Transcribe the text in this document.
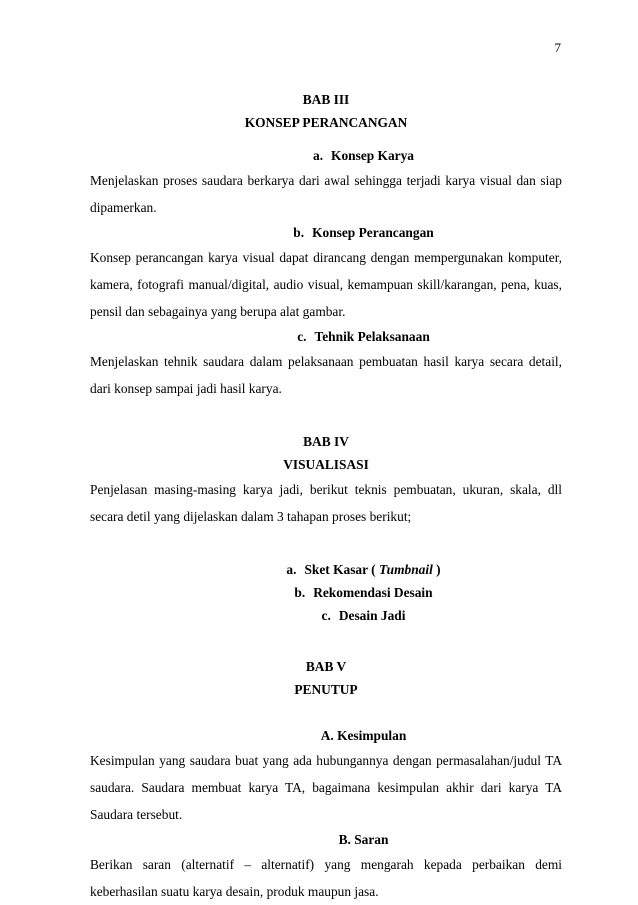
7
BAB III
KONSEP PERANCANGAN
a. Konsep Karya

Menjelaskan proses saudara berkarya dari awal sehingga terjadi karya visual dan siap dipamerkan.

b. Konsep Perancangan

Konsep perancangan karya visual dapat dirancang dengan mempergunakan komputer, kamera, fotografi manual/digital, audio visual, kemampuan skill/karangan, pena, kuas, pensil dan sebagainya yang berupa alat gambar.

c. Tehnik Pelaksanaan

Menjelaskan tehnik saudara dalam pelaksanaan pembuatan hasil karya secara detail, dari konsep sampai jadi hasil karya.

BAB IV
VISUALISASI

Penjelasan masing-masing karya jadi, berikut teknis pembuatan, ukuran, skala, dll secara detil yang dijelaskan dalam 3 tahapan proses berikut;

a. Sket Kasar ( Tumbnail )
b. Rekomendasi Desain
c. Desain Jadi
BAB V
PENUTUP
A. Kesimpulan

Kesimpulan yang saudara buat yang ada hubungannya dengan permasalahan/judul TA saudara. Saudara membuat karya TA, bagaimana kesimpulan akhir dari karya TA Saudara tersebut.

B. Saran

Berikan saran (alternatif – alternatif) yang mengarah kepada perbaikan demi keberhasilan suatu karya desain, produk maupun jasa.
